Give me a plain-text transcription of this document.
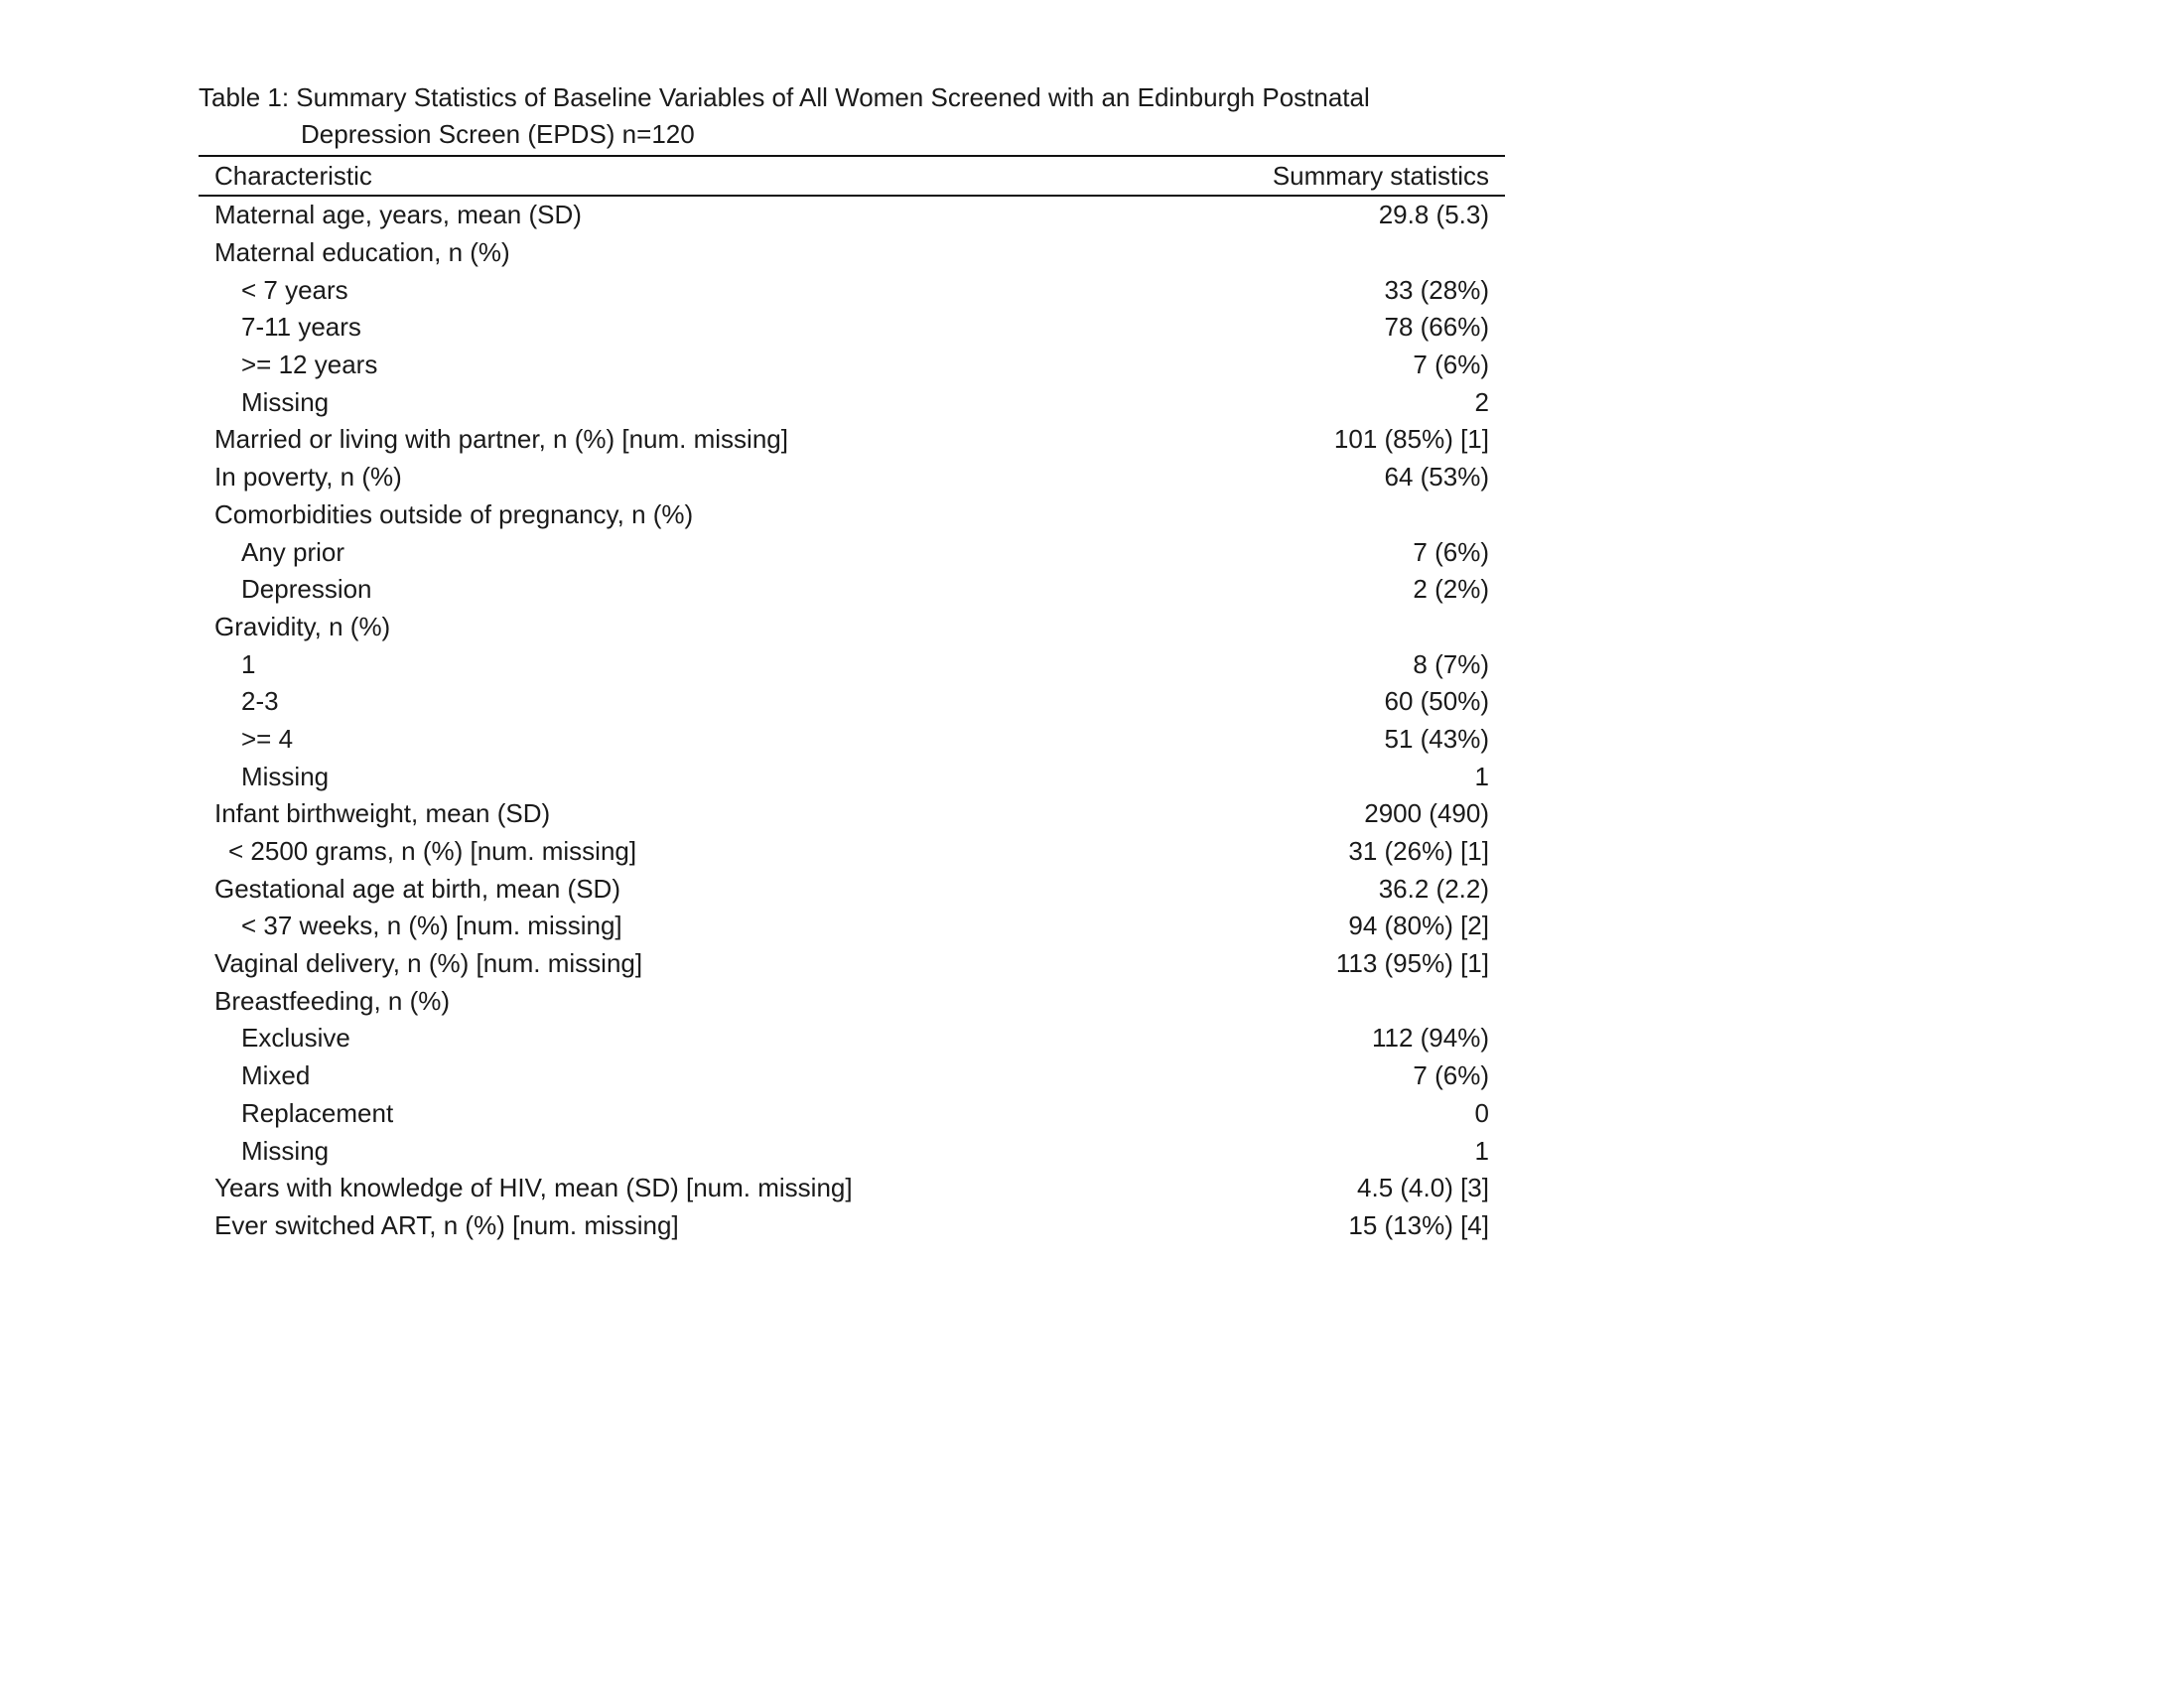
Table 1: Summary Statistics of Baseline Variables of All Women Screened with an Edinburgh Postnatal
Depression Screen (EPDS) n=120

Characteristic	Summary statistics
Maternal age, years, mean (SD)	29.8 (5.3)
Maternal education, n (%)
< 7 years	33 (28%)
7-11 years	78 (66%)
>= 12 years	7 (6%)
Missing	2
Married or living with partner, n (%) [num. missing]	101 (85%) [1]
In poverty, n (%)	64 (53%)
Comorbidities outside of pregnancy, n (%)
Any prior	7 (6%)
Depression	2 (2%)
Gravidity, n (%)
1	8 (7%)
2-3	60 (50%)
>= 4	51 (43%)
Missing	1
Infant birthweight, mean (SD)	2900 (490)
< 2500 grams, n (%) [num. missing]	31 (26%) [1]
Gestational age at birth, mean (SD)	36.2 (2.2)
< 37 weeks, n (%) [num. missing]	94 (80%) [2]
Vaginal delivery, n (%) [num. missing]	113 (95%) [1]
Breastfeeding, n (%)
Exclusive	112 (94%)
Mixed	7 (6%)
Replacement	0
Missing	1
Years with knowledge of HIV, mean (SD) [num. missing]	4.5 (4.0) [3]
Ever switched ART, n (%) [num. missing]	15 (13%) [4]
